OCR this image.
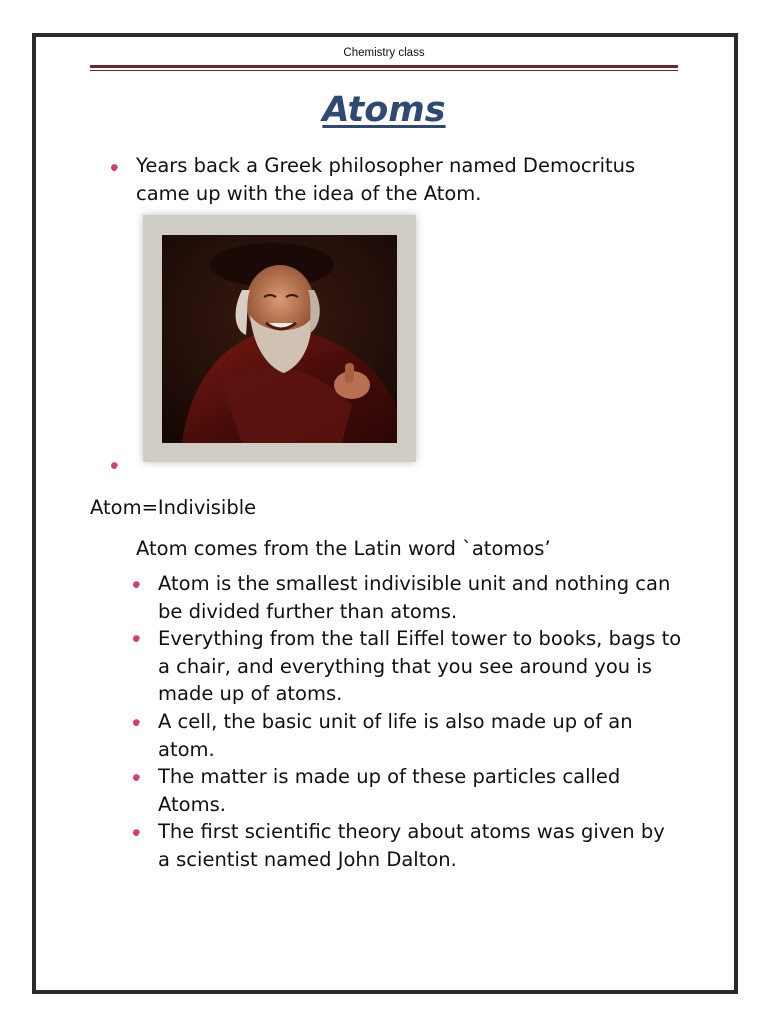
Chemistry class
Atoms
Years back a Greek philosopher named Democritus came up with the idea of the Atom.
Atom=Indivisible
Atom comes from the Latin word `atomos’
Atom is the smallest indivisible unit and nothing can be divided further than atoms.
Everything from the tall Eiffel tower to books, bags to a chair, and everything that you see around you is made up of atoms.
A cell, the basic unit of life is also made up of an atom.
The matter is made up of these particles called Atoms.
The first scientific theory about atoms was given by a scientist named John Dalton.
